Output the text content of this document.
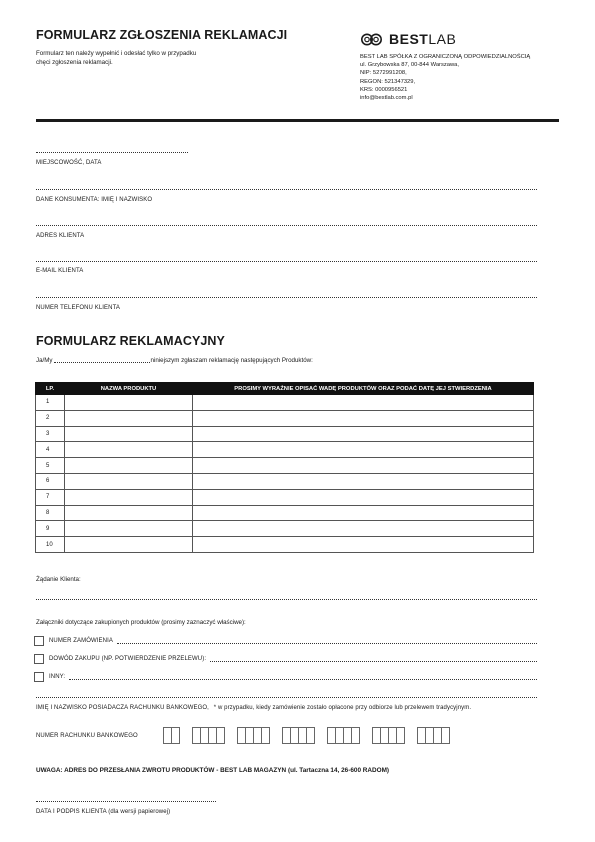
FORMULARZ ZGŁOSZENIA REKLAMACJI
Formularz ten należy wypełnić i odesłać tylko w przypadku
chęci zgłoszenia reklamacji.
BESTLAB
BEST LAB SPÓŁKA Z OGRANICZONĄ ODPOWIEDZIALNOŚCIĄ
ul. Grzybowska 87, 00-844 Warszawa,
NIP: 5272991208,
REGON: 521347329,
KRS: 0000956521
info@bestlab.com.pl
MIEJSCOWOŚĆ, DATA
DANE KONSUMENTA: IMIĘ I NAZWISKO
ADRES KLIENTA
E-MAIL KLIENTA
NUMER TELEFONU KLIENTA
FORMULARZ REKLAMACYJNY
Ja/My	niniejszym zgłaszam reklamację następujących Produktów:
LP.	NAZWA PRODUKTU	PROSIMY WYRAŹNIE OPISAĆ WADĘ PRODUKTÓW ORAZ PODAĆ DATĘ JEJ STWIERDZENIA
1		
2		
3		
4		
5		
6		
7		
8		
9		
10		
Żądanie Klienta:
Załączniki dotyczące zakupionych produktów (prosimy zaznaczyć właściwe):
NUMER ZAMÓWIENIA
DOWÓD ZAKUPU (NP. POTWIERDZENIE PRZELEWU):
INNY:
IMIĘ I NAZWISKO POSIADACZA RACHUNKU BANKOWEGO, * w przypadku, kiedy zamówienie zostało opłacone przy odbiorze lub przelewem tradycyjnym.
NUMER RACHUNKU BANKOWEGO
UWAGA: ADRES DO PRZESŁANIA ZWROTU PRODUKTÓW - BEST LAB MAGAZYN (ul. Tartaczna 14, 26-600 RADOM)
DATA I PODPIS KLIENTA (dla wersji papierowej)
